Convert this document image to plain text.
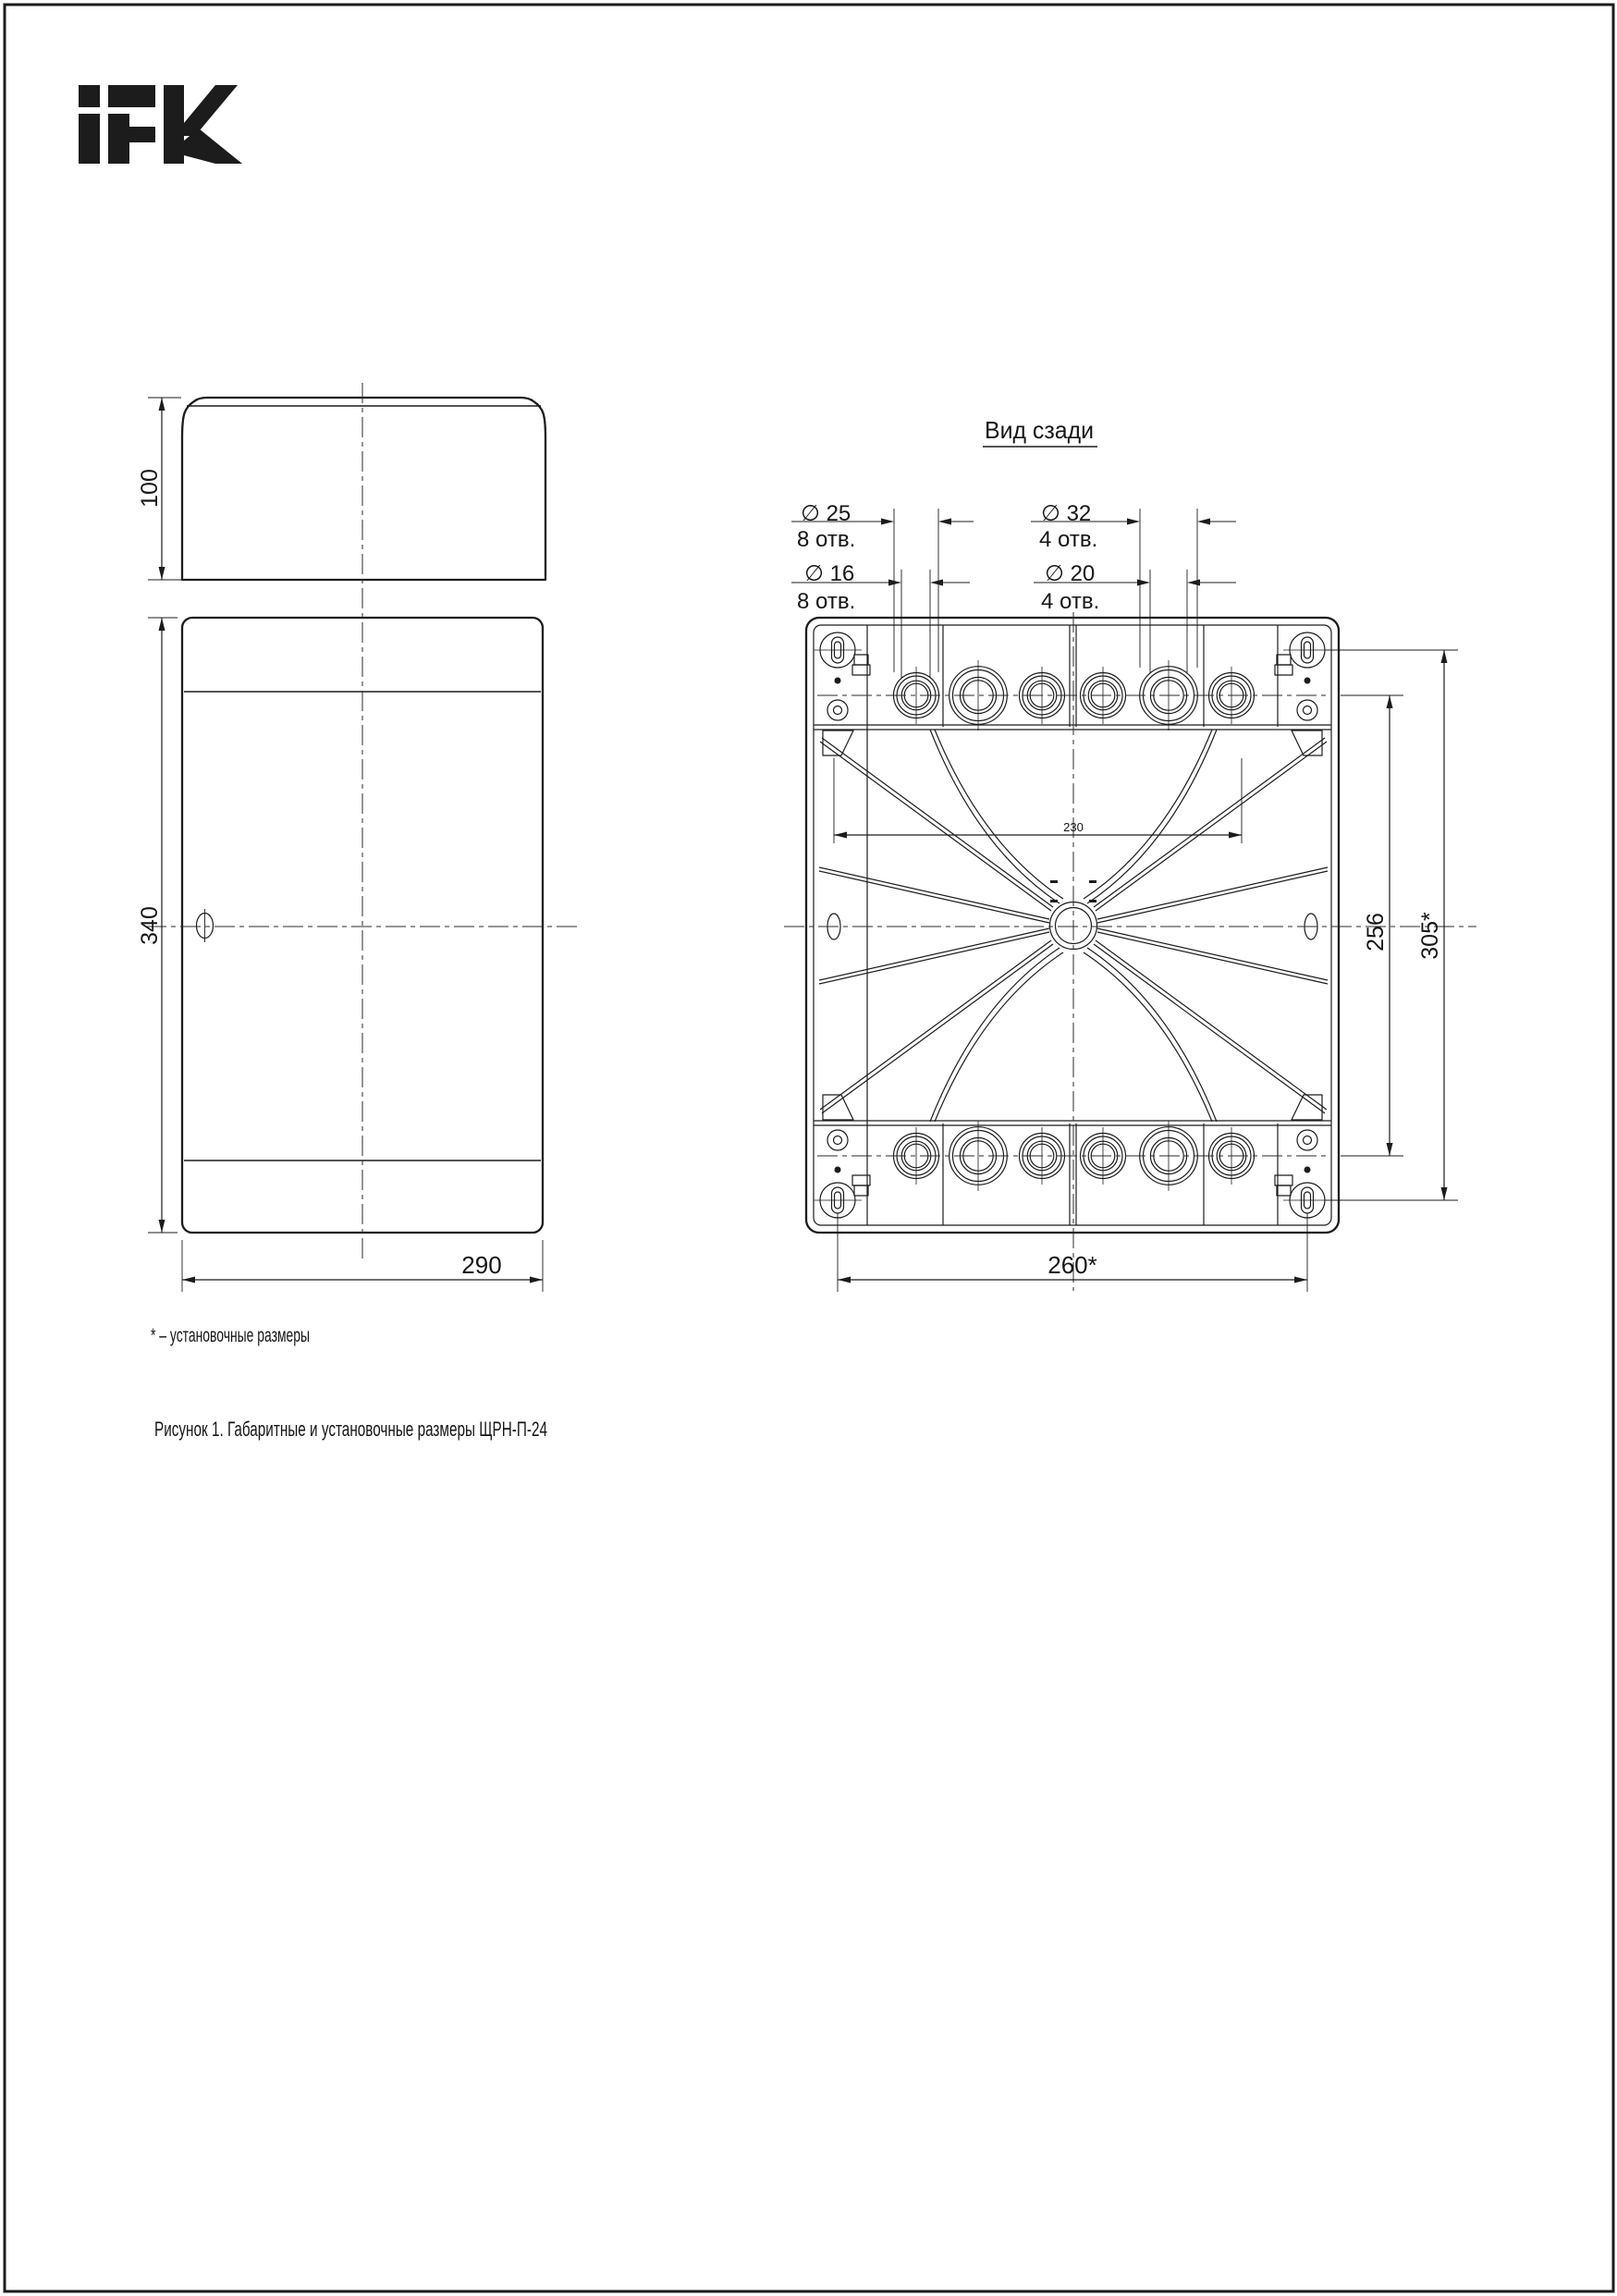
100
340
290
Вид сзади
∅ 25
8 отв.
∅ 32
4 отв.
∅ 16
8 отв.
∅ 20
4 отв.
230
256 305*
260*
* – установочные размеры
Рисунок 1. Габаритные и установочные размеры ЩРН-П-24
